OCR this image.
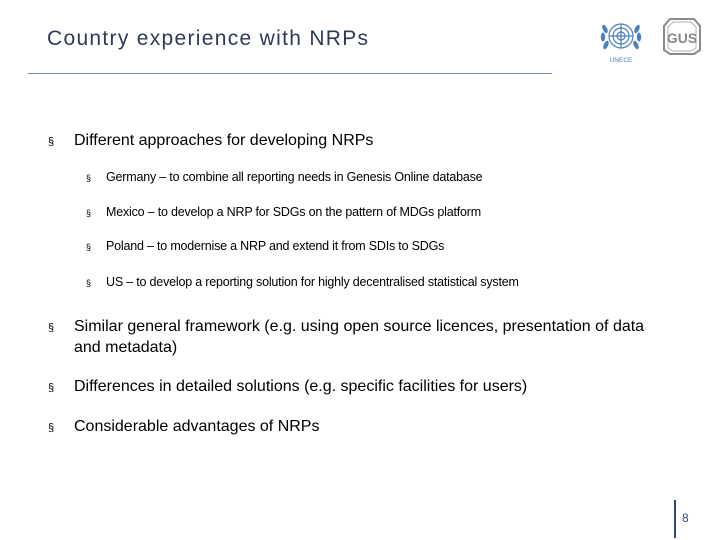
Country experience with NRPs
UNECE
GUS
§ Different approaches for developing NRPs
§ Germany – to combine all reporting needs in Genesis Online database
§ Mexico – to develop a NRP for SDGs on the pattern of MDGs platform
§ Poland – to modernise a NRP and extend it from SDIs to SDGs
§ US – to develop a reporting solution for highly decentralised statistical system
§ Similar general framework (e.g. using open source licences, presentation of data and metadata)
§ Differences in detailed solutions (e.g. specific facilities for users)
§ Considerable advantages of NRPs
8
